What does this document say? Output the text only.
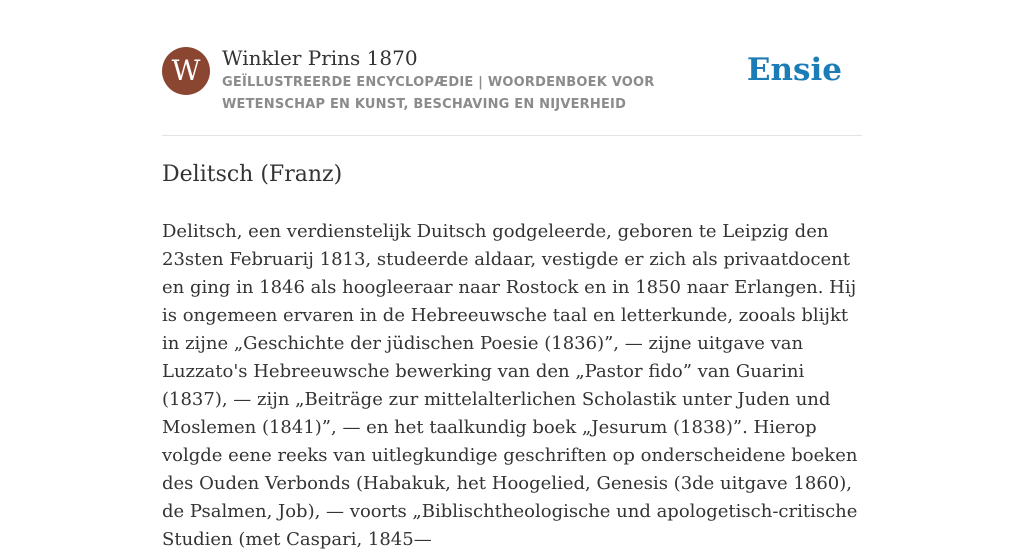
W Winkler Prins 1870
GEÏLLUSTREERDE ENCYCLOPÆDIE | WOORDENBOEK VOOR WETENSCHAP EN KUNST, BESCHAVING EN NIJVERHEID
Ensie
Delitsch (Franz)

Delitsch, een verdienstelijk Duitsch godgeleerde, geboren te Leipzig den 23sten Februarij 1813, studeerde aldaar, vestigde er zich als privaatdocent en ging in 1846 als hoogleeraar naar Rostock en in 1850 naar Erlangen. Hij is ongemeen ervaren in de Hebreeuwsche taal en letterkunde, zooals blijkt in zijne „Geschichte der jüdischen Poesie (1836)”, — zijne uitgave van Luzzato's Hebreeuwsche bewerking van den „Pastor fido” van Guarini (1837), — zijn „Beiträge zur mittelalterlichen Scholastik unter Juden und Moslemen (1841)”, — en het taalkundig boek „Jesurum (1838)”. Hierop volgde eene reeks van uitlegkundige geschriften op onderscheidene boeken des Ouden Verbonds (Habakuk, het Hoogelied, Genesis (3de uitgave 1860), de Psalmen, Job), — voorts „Biblischtheologische und apologetisch-critische Studien (met Caspari, 1845—
